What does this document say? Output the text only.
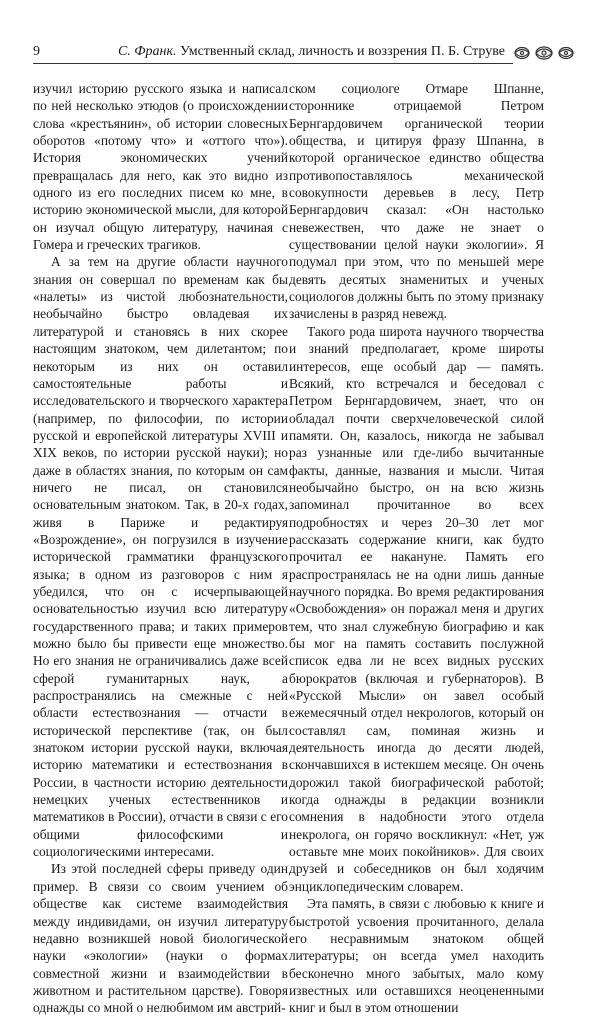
9	С. Франк. Умственный склад, личность и воззрения П. Б. Струве

изучил историю русского языка и написал по ней несколько этюдов (о происхождении слова «крестьянин», об истории словесных оборотов «потому что» и «оттого что»). История экономических учений превращалась для него, как это видно из одного из его последних писем ко мне, в историю экономической мысли, для которой он изучал общую литературу, начиная с Гомера и греческих трагиков.

А за тем на другие области научного знания он совершал по временам как бы «налеты» из чистой любознательности, необычайно быстро овладевая их литературой и становясь в них скорее настоящим знатоком, чем дилетантом; по некоторым из них он оставил самостоятельные работы и исследовательского и творческого характера (например, по философии, по истории русской и европейской литературы XVIII и XIX веков, по истории русской науки); но даже в областях знания, по которым он сам ничего не писал, он становился основательным знатоком. Так, в 20-х годах, живя в Париже и редактируя «Возрождение», он погрузился в изучение исторической грамматики французского языка; в одном из разговоров с ним я убедился, что он с исчерпывающей основательностью изучил всю литературу государственного права; и таких примеров можно было бы привести еще множество. Но его знания не ограничивались даже всей сферой гуманитарных наук, а распространялись на смежные с ней области естествознания — отчасти в исторической перспективе (так, он был знатоком истории русской науки, включая историю математики и естествознания в России, в частности историю деятельности немецких ученых естественников и математиков в России), отчасти в связи с его общими философскими и социологическими интересами.

Из этой последней сферы приведу один пример. В связи со своим учением об обществе как системе взаимодействия между индивидами, он изучил литературу недавно возникшей новой биологической науки «экологии» (науки о формах совместной жизни и взаимодействии в животном и растительном царстве). Говоря однажды со мной о нелюбимом им австрий-

ском социологе Отмаре Шпанне, стороннике отрицаемой Петром Бернгардовичем органической теории общества, и цитируя фразу Шпанна, в которой органическое единство общества противопоставлялось механической совокупности деревьев в лесу, Петр Бернгардович сказал: «Он настолько невежествен, что даже не знает о существовании целой науки экологии». Я подумал при этом, что по меньшей мере девять десятых знаменитых и ученых социологов должны быть по этому признаку зачислены в разряд невежд.

Такого рода широта научного творчества и знаний предполагает, кроме широты интересов, еще особый дар — память. Всякий, кто встречался и беседовал с Петром Бернгардовичем, знает, что он обладал почти сверхчеловеческой силой памяти. Он, казалось, никогда не забывал раз узнанные или где-либо вычитанные факты, данные, названия и мысли. Читая необычайно быстро, он на всю жизнь запоминал прочитанное во всех подробностях и через 20–30 лет мог рассказать содержание книги, как будто прочитал ее накануне. Память его распространялась не на одни лишь данные научного порядка. Во время редактирования «Освобождения» он поражал меня и других тем, что знал служебную биографию и как бы мог на память составить послужной список едва ли не всех видных русских бюрократов (включая и губернаторов). В «Русской Мысли» он завел особый ежемесячный отдел некрологов, который он составлял сам, поминая жизнь и деятельность иногда до десяти людей, скончавшихся в истекшем месяце. Он очень дорожил такой биографической работой; когда однажды в редакции возникли сомнения в надобности этого отдела некролога, он горячо воскликнул: «Нет, уж оставьте мне моих покойников». Для своих друзей и собеседников он был ходячим энциклопедическим словарем.

Эта память, в связи с любовью к книге и быстротой усвоения прочитанного, делала его несравнимым знатоком общей литературы; он всегда умел находить бесконечно много забытых, мало кому известных или оставшихся неоцененными книг и был в этом отношении
